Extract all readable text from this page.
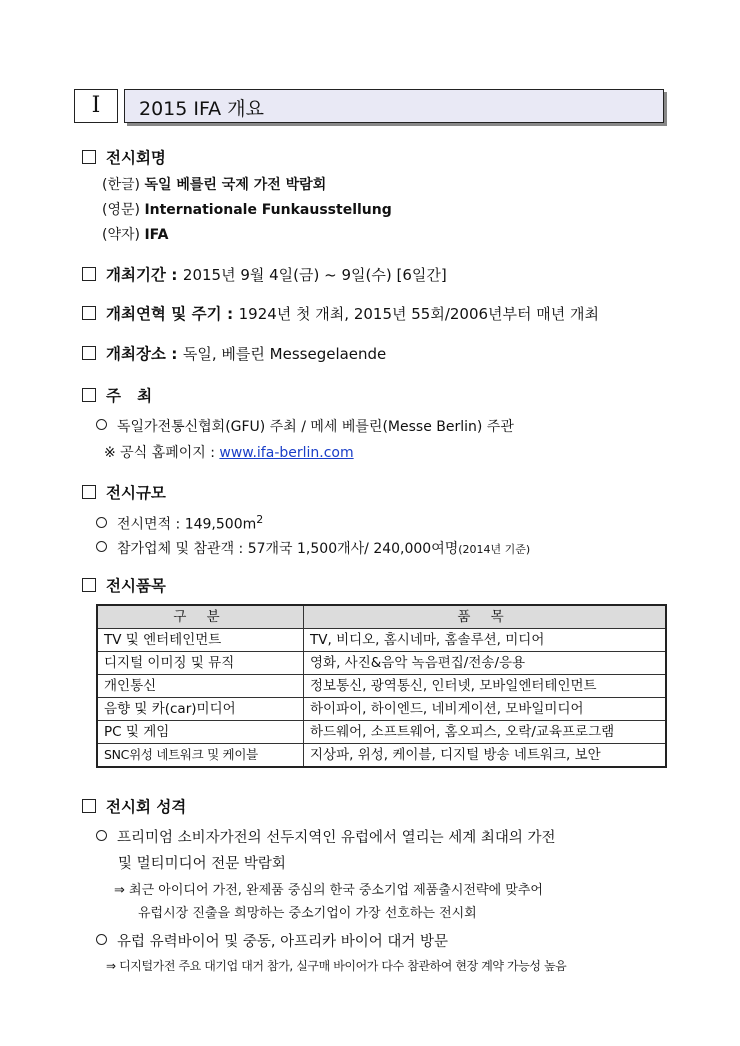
Ⅰ	2015 IFA 개요
전시회명
(한글) 독일 베를린 국제 가전 박람회
(영문) Internationale Funkausstellung
(약자) IFA
개최기간 : 2015년 9월 4일(금) ~ 9일(수) [6일간]
개최연혁 및 주기 : 1924년 첫 개최, 2015년 55회/2006년부터 매년 개최
개최장소 : 독일, 베를린 Messegelaende
주   최
독일가전통신협회(GFU) 주최 / 메세 베를린(Messe Berlin) 주관
※ 공식 홈페이지 : www.ifa-berlin.com
전시규모
전시면적 : $149,500m^2$
참가업체 및 참관객 : 57개국 1,500개사/ 240,000여명(2014년 기준)
전시품목
구 분	품 목
TV 및 엔터테인먼트	TV, 비디오, 홈시네마, 홈솔루션, 미디어
디지털 이미징 및 뮤직	영화, 사진&음악 녹음편집/전송/응용
개인통신	정보통신, 광역통신, 인터넷, 모바일엔터테인먼트
음향 및 카(car)미디어	하이파이, 하이엔드, 네비게이션, 모바일미디어
PC 및 게임	하드웨어, 소프트웨어, 홈오피스, 오락/교육프로그램
SNC위성 네트워크 및 케이블	지상파, 위성, 케이블, 디지털 방송 네트워크, 보안
전시회 성격
프리미엄 소비자가전의 선두지역인 유럽에서 열리는 세계 최대의 가전
및 멀티미디어 전문 박람회
⇒ 최근 아이디어 가전, 완제품 중심의 한국 중소기업 제품출시전략에 맞추어
유럽시장 진출을 희망하는 중소기업이 가장 선호하는 전시회
유럽 유력바이어 및 중동, 아프리카 바이어 대거 방문
⇒ 디지털가전 주요 대기업 대거 참가, 실구매 바이어가 다수 참관하여 현장 계약 가능성 높음
